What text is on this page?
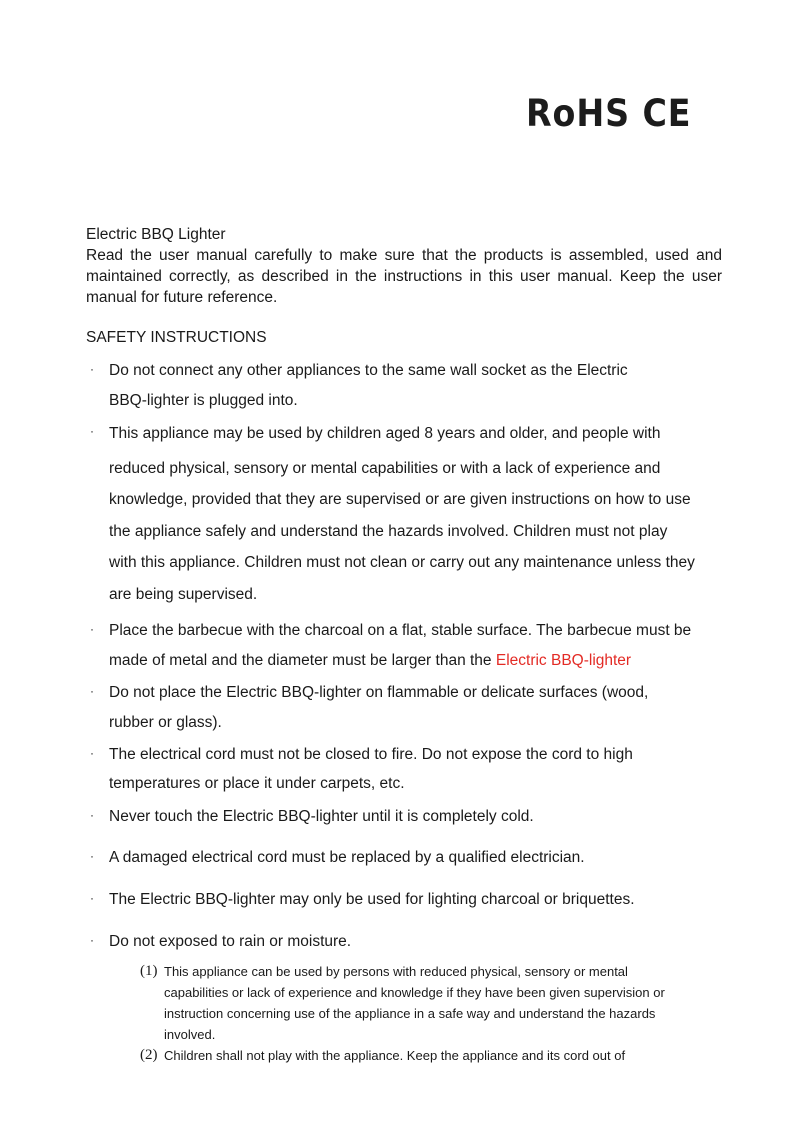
RoHS CE
Electric BBQ Lighter
Read the user manual carefully to make sure that the products is assembled, used and maintained correctly, as described in the instructions in this user manual. Keep the user manual for future reference.
SAFETY INSTRUCTIONS
· Do not connect any other appliances to the same wall socket as the Electric
BBQ-lighter is plugged into.
· This appliance may be used by children aged 8 years and older, and people with
reduced physical, sensory or mental capabilities or with a lack of experience and
knowledge, provided that they are supervised or are given instructions on how to use
the appliance safely and understand the hazards involved. Children must not play
with this appliance. Children must not clean or carry out any maintenance unless they
are being supervised.
· Place the barbecue with the charcoal on a flat, stable surface. The barbecue must be
made of metal and the diameter must be larger than the Electric BBQ-lighter
· Do not place the Electric BBQ-lighter on flammable or delicate surfaces (wood,
rubber or glass).
· The electrical cord must not be closed to fire. Do not expose the cord to high
temperatures or place it under carpets, etc.
· Never touch the Electric BBQ-lighter until it is completely cold.
· A damaged electrical cord must be replaced by a qualified electrician.
· The Electric BBQ-lighter may only be used for lighting charcoal or briquettes.
· Do not exposed to rain or moisture.
(1) This appliance can be used by persons with reduced physical, sensory or mental
capabilities or lack of experience and knowledge if they have been given supervision or
instruction concerning use of the appliance in a safe way and understand the hazards
involved.
(2) Children shall not play with the appliance. Keep the appliance and its cord out of
